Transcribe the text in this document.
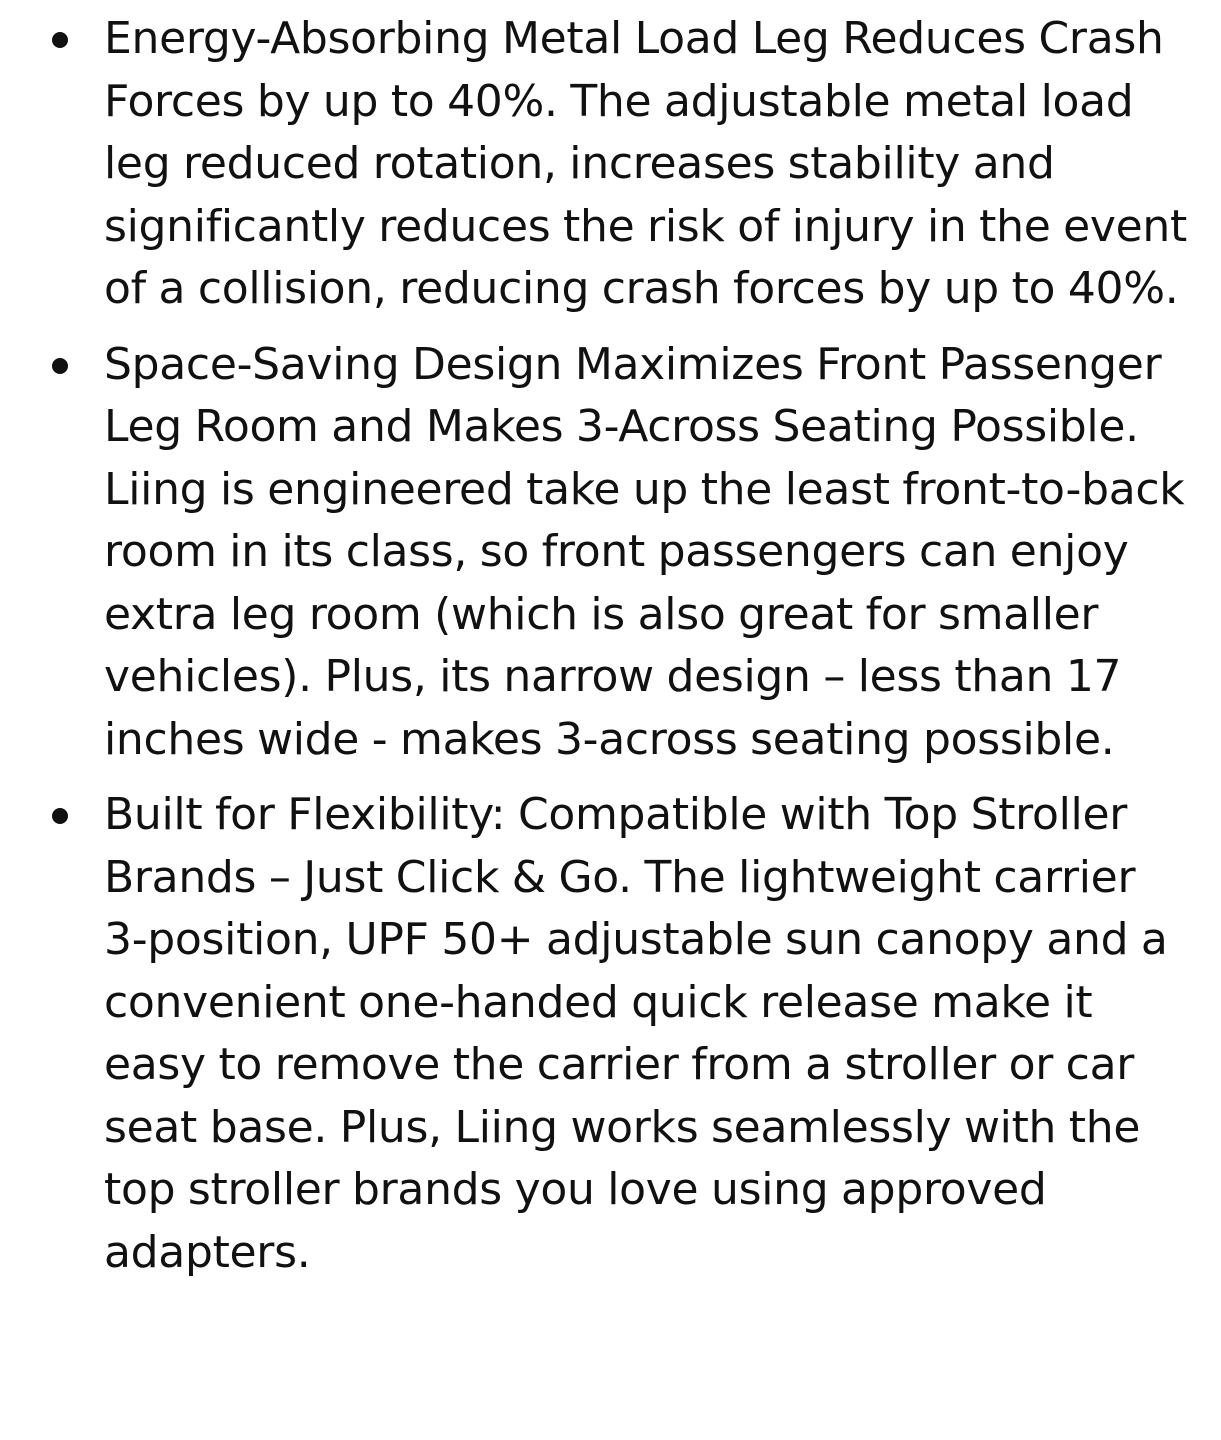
Energy-Absorbing Metal Load Leg Reduces Crash Forces by up to 40%. The adjustable metal load leg reduced rotation, increases stability and significantly reduces the risk of injury in the event of a collision, reducing crash forces by up to 40%.
Space-Saving Design Maximizes Front Passenger Leg Room and Makes 3-Across Seating Possible. Liing is engineered take up the least front-to-back room in its class, so front passengers can enjoy extra leg room (which is also great for smaller vehicles). Plus, its narrow design – less than 17 inches wide - makes 3-across seating possible.
Built for Flexibility: Compatible with Top Stroller Brands – Just Click & Go. The lightweight carrier 3-position, UPF 50+ adjustable sun canopy and a convenient one-handed quick release make it easy to remove the carrier from a stroller or car seat base. Plus, Liing works seamlessly with the top stroller brands you love using approved adapters.
